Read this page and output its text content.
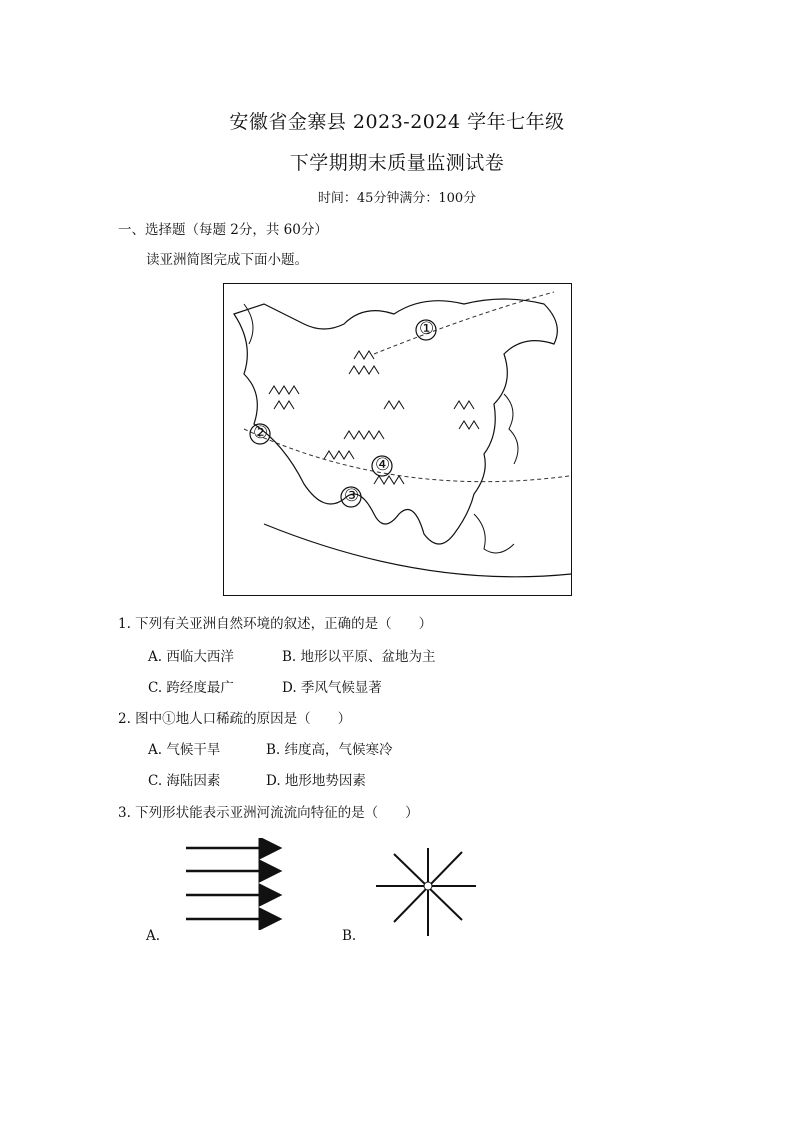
安徽省金寨县 2023-2024 学年七年级
下学期期末质量监测试卷
时间：45分钟满分：100分
一、选择题（每题 2分，共 60分）
读亚洲简图完成下面小题。
①
②
③
④
1. 下列有关亚洲自然环境的叙述，正确的是（　　）
A. 西临大西洋	B. 地形以平原、盆地为主
C. 跨经度最广	D. 季风气候显著
2. 图中①地人口稀疏的原因是（　　）
A. 气候干旱	B. 纬度高，气候寒冷
C. 海陆因素	D. 地形地势因素
3. 下列形状能表示亚洲河流流向特征的是（　　）
A.	B.
